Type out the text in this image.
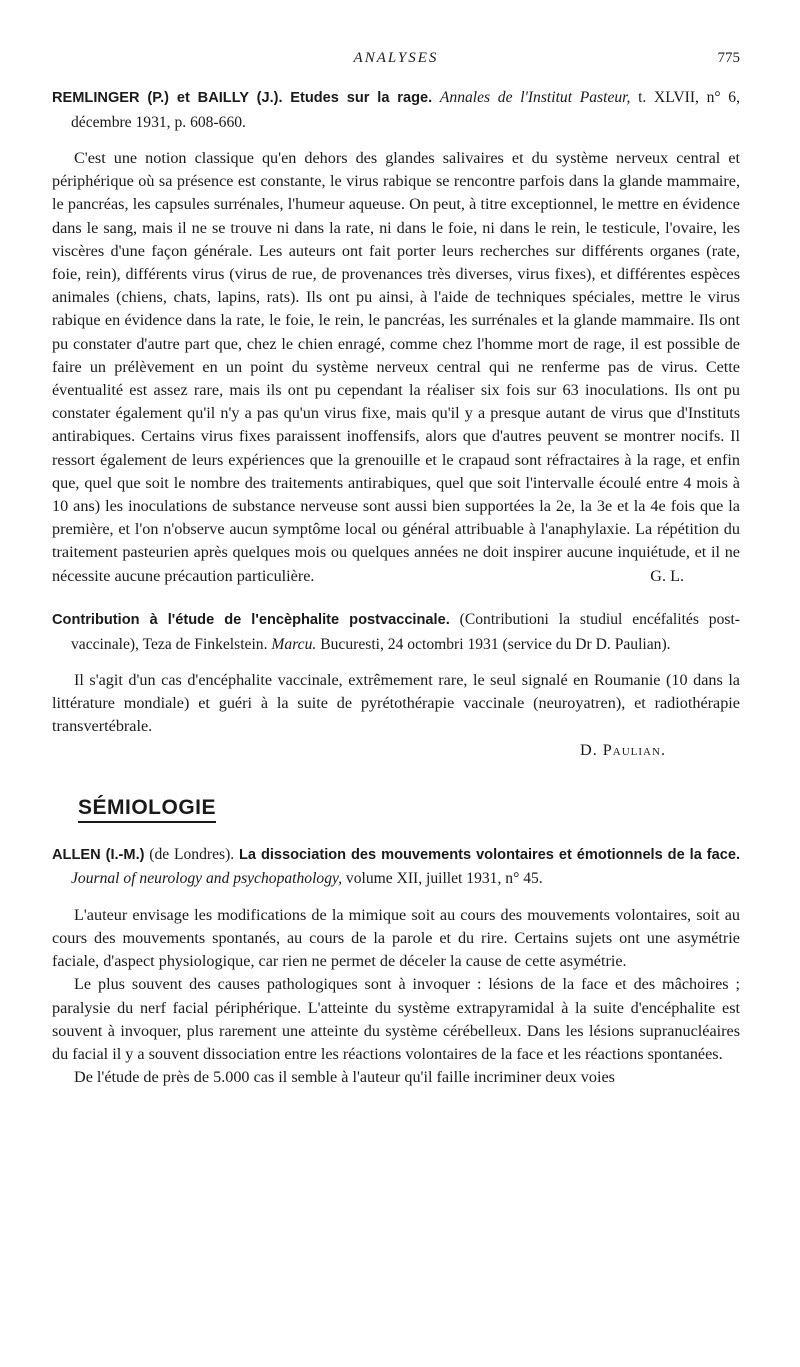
ANALYSES	775

REMLINGER (P.) et BAILLY (J.). Etudes sur la rage. Annales de l'Institut Pasteur, t. XLVII, n° 6, décembre 1931, p. 608-660.

C'est une notion classique qu'en dehors des glandes salivaires et du système nerveux central et périphérique où sa présence est constante, le virus rabique se rencontre parfois dans la glande mammaire, le pancréas, les capsules surrénales, l'humeur aqueuse. On peut, à titre exceptionnel, le mettre en évidence dans le sang, mais il ne se trouve ni dans la rate, ni dans le foie, ni dans le rein, le testicule, l'ovaire, les viscères d'une façon générale. Les auteurs ont fait porter leurs recherches sur différents organes (rate, foie, rein), différents virus (virus de rue, de provenances très diverses, virus fixes), et différentes espèces animales (chiens, chats, lapins, rats). Ils ont pu ainsi, à l'aide de techniques spéciales, mettre le virus rabique en évidence dans la rate, le foie, le rein, le pancréas, les surrénales et la glande mammaire. Ils ont pu constater d'autre part que, chez le chien enragé, comme chez l'homme mort de rage, il est possible de faire un prélèvement en un point du système nerveux central qui ne renferme pas de virus. Cette éventualité est assez rare, mais ils ont pu cependant la réaliser six fois sur 63 inoculations. Ils ont pu constater également qu'il n'y a pas qu'un virus fixe, mais qu'il y a presque autant de virus que d'Instituts antirabiques. Certains virus fixes paraissent inoffensifs, alors que d'autres peuvent se montrer nocifs. Il ressort également de leurs expériences que la grenouille et le crapaud sont réfractaires à la rage, et enfin que, quel que soit le nombre des traitements antirabiques, quel que soit l'intervalle écoulé entre 4 mois à 10 ans) les inoculations de substance nerveuse sont aussi bien supportées la 2e, la 3e et la 4e fois que la première, et l'on n'observe aucun symptôme local ou général attribuable à l'anaphylaxie. La répétition du traitement pasteurien après quelques mois ou quelques années ne doit inspirer aucune inquiétude, et il ne nécessite aucune précaution particulière.	G. L.

Contribution à l'étude de l'encèphalite postvaccinale. (Contributioni la studiul encéfalités post-vaccinale), Teza de Finkelstein. Marcu. Bucuresti, 24 octombri 1931 (service du Dr D. Paulian).

Il s'agit d'un cas d'encéphalite vaccinale, extrêmement rare, le seul signalé en Roumanie (10 dans la littérature mondiale) et guéri à la suite de pyrétothérapie vaccinale (neuroyatren), et radiothérapie transvertébrale.

D. Paulian.

SÉMIOLOGIE

ALLEN (I.-M.) (de Londres). La dissociation des mouvements volontaires et émotionnels de la face. Journal of neurology and psychopathology, volume XII, juillet 1931, n° 45.

L'auteur envisage les modifications de la mimique soit au cours des mouvements volontaires, soit au cours des mouvements spontanés, au cours de la parole et du rire. Certains sujets ont une asymétrie faciale, d'aspect physiologique, car rien ne permet de déceler la cause de cette asymétrie.

Le plus souvent des causes pathologiques sont à invoquer : lésions de la face et des mâchoires ; paralysie du nerf facial périphérique. L'atteinte du système extrapyramidal à la suite d'encéphalite est souvent à invoquer, plus rarement une atteinte du système cérébelleux. Dans les lésions supranucléaires du facial il y a souvent dissociation entre les réactions volontaires de la face et les réactions spontanées.

De l'étude de près de 5.000 cas il semble à l'auteur qu'il faille incriminer deux voies
